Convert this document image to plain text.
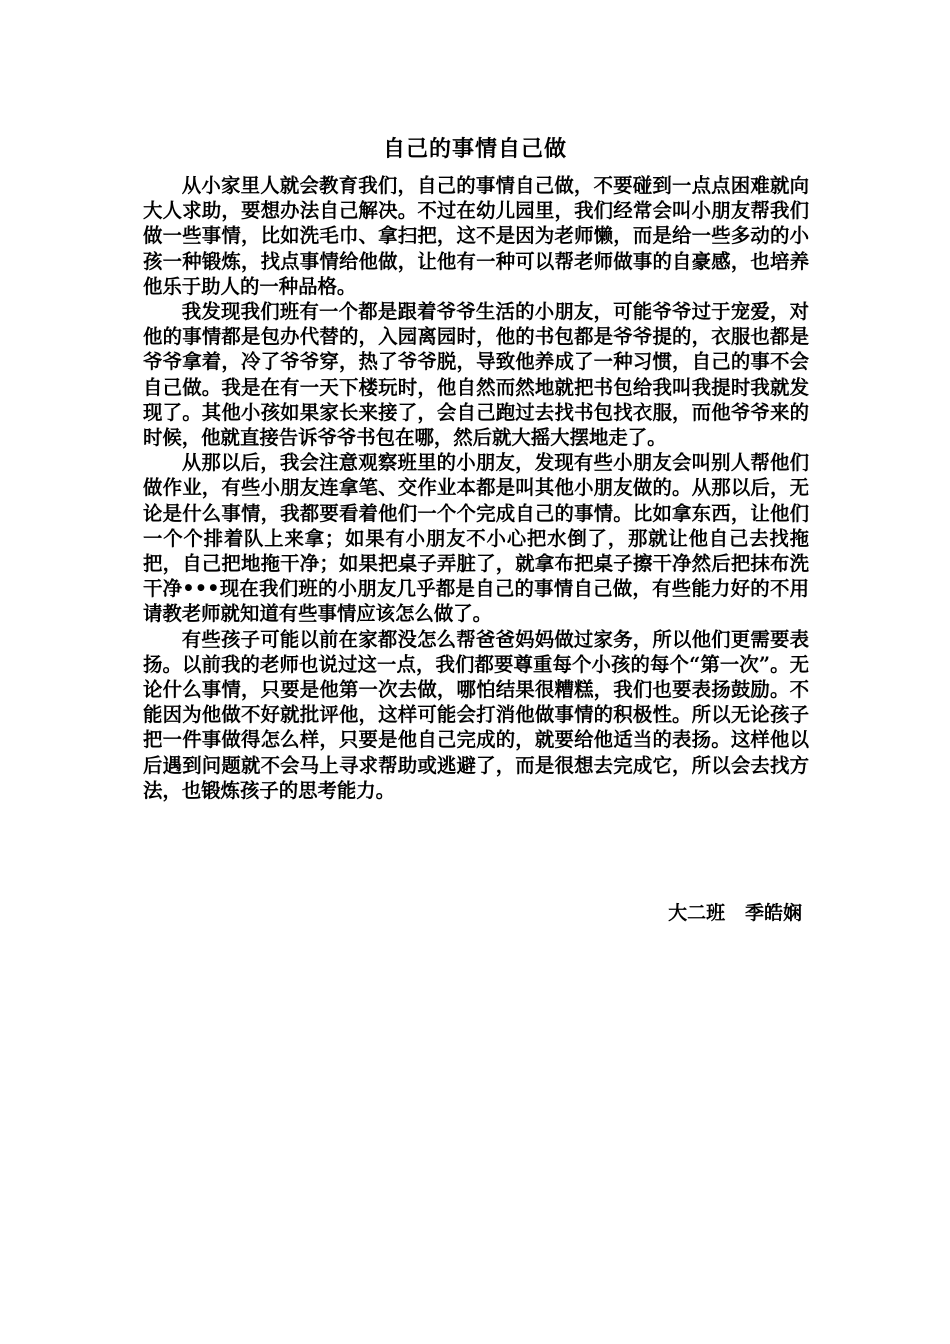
自己的事情自己做

从小家里人就会教育我们，自己的事情自己做，不要碰到一点点困难就向大人求助，要想办法自己解决。不过在幼儿园里，我们经常会叫小朋友帮我们做一些事情，比如洗毛巾、拿扫把，这不是因为老师懒，而是给一些多动的小孩一种锻炼，找点事情给他做，让他有一种可以帮老师做事的自豪感，也培养他乐于助人的一种品格。

我发现我们班有一个都是跟着爷爷生活的小朋友，可能爷爷过于宠爱，对他的事情都是包办代替的，入园离园时，他的书包都是爷爷提的，衣服也都是爷爷拿着，冷了爷爷穿，热了爷爷脱，导致他养成了一种习惯，自己的事不会自己做。我是在有一天下楼玩时，他自然而然地就把书包给我叫我提时我就发现了。其他小孩如果家长来接了，会自己跑过去找书包找衣服，而他爷爷来的时候，他就直接告诉爷爷书包在哪，然后就大摇大摆地走了。

从那以后，我会注意观察班里的小朋友，发现有些小朋友会叫别人帮他们做作业，有些小朋友连拿笔、交作业本都是叫其他小朋友做的。从那以后，无论是什么事情，我都要看着他们一个个完成自己的事情。比如拿东西，让他们一个个排着队上来拿；如果有小朋友不小心把水倒了，那就让他自己去找拖把，自己把地拖干净；如果把桌子弄脏了，就拿布把桌子擦干净然后把抹布洗干净•••现在我们班的小朋友几乎都是自己的事情自己做，有些能力好的不用请教老师就知道有些事情应该怎么做了。

有些孩子可能以前在家都没怎么帮爸爸妈妈做过家务，所以他们更需要表扬。以前我的老师也说过这一点，我们都要尊重每个小孩的每个“第一次”。无论什么事情，只要是他第一次去做，哪怕结果很糟糕，我们也要表扬鼓励。不能因为他做不好就批评他，这样可能会打消他做事情的积极性。所以无论孩子把一件事做得怎么样，只要是他自己完成的，就要给他适当的表扬。这样他以后遇到问题就不会马上寻求帮助或逃避了，而是很想去完成它，所以会去找方法，也锻炼孩子的思考能力。

大二班   季皓娴
